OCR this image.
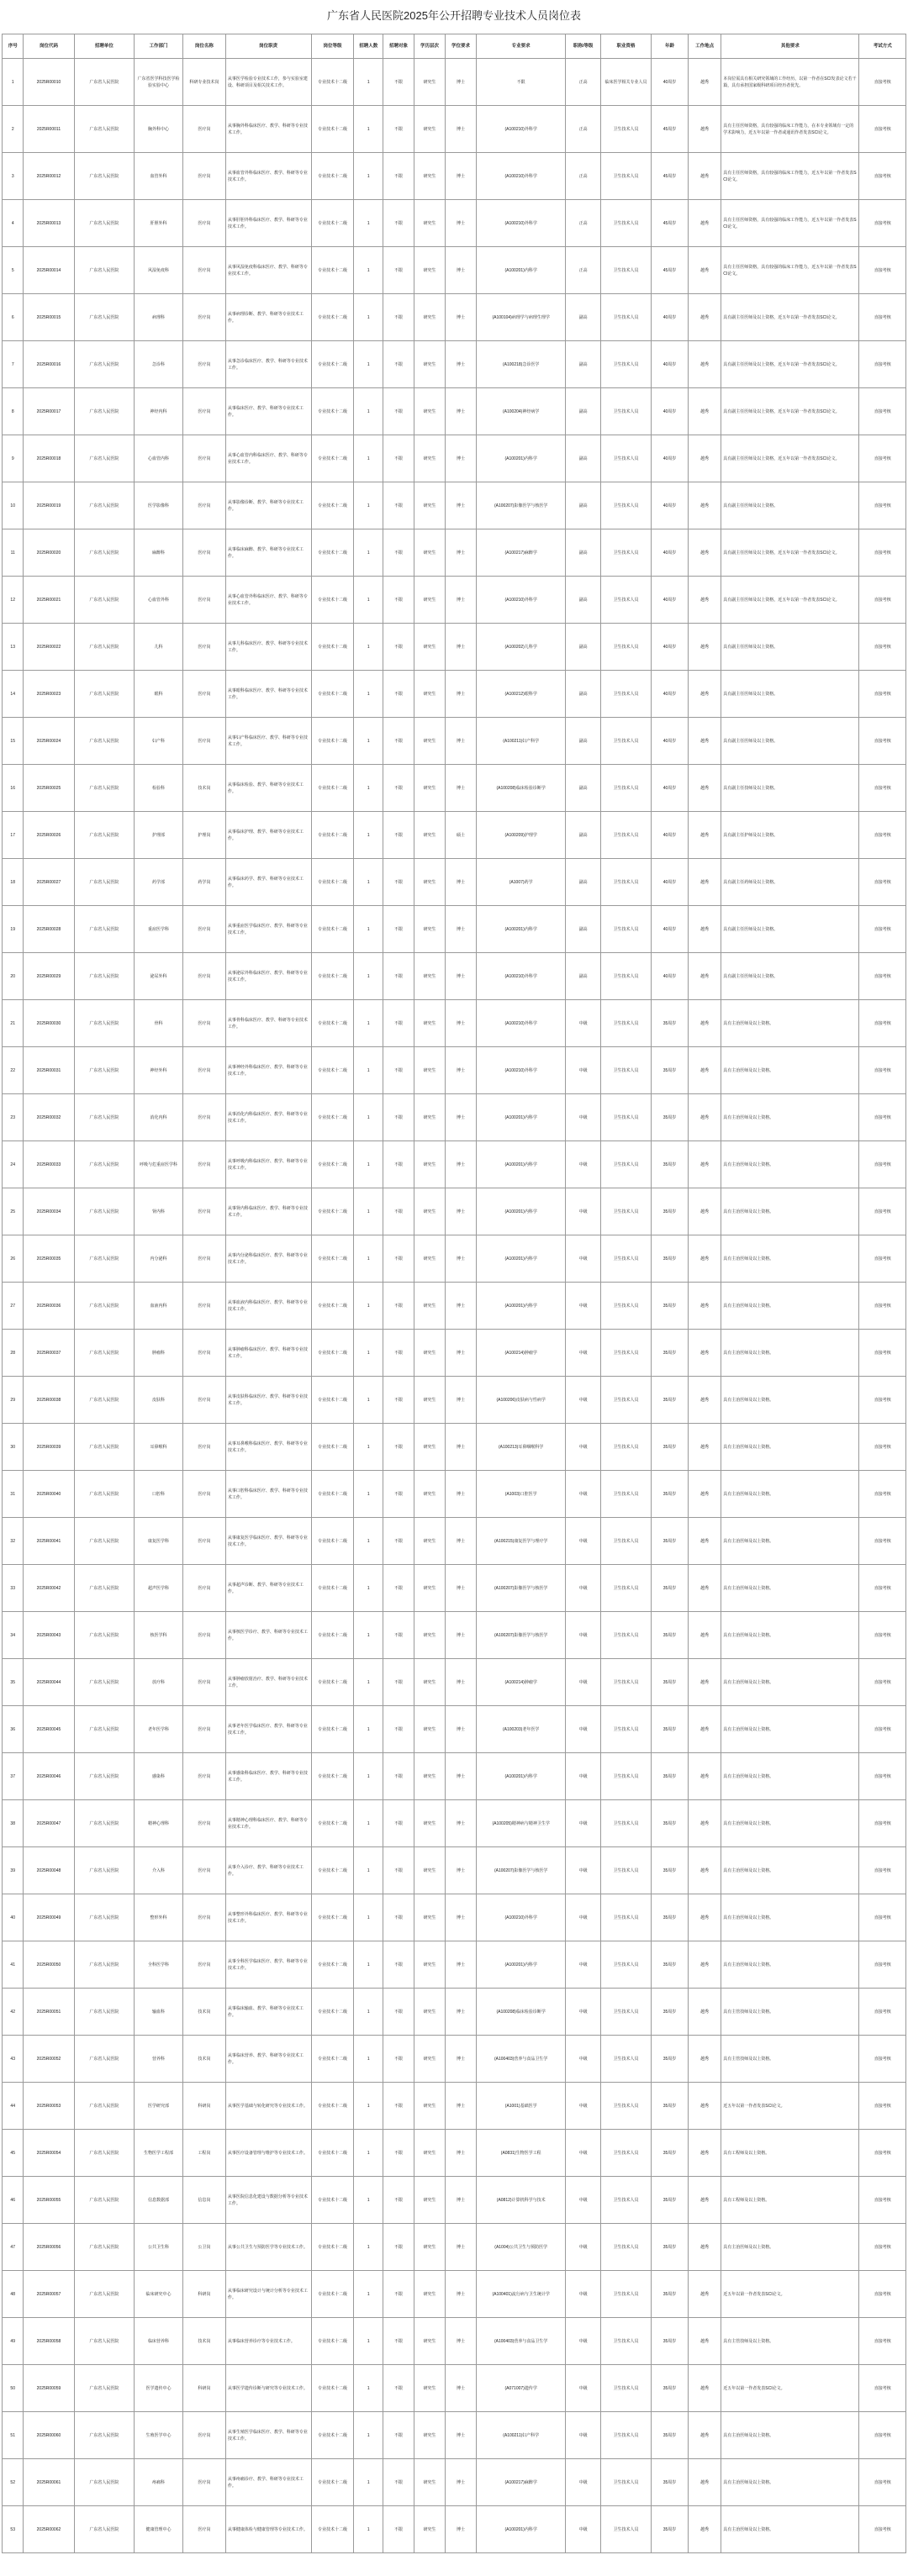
广东省人民医院2025年公开招聘专业技术人员岗位表
序号	岗位代码	招聘单位	工作部门	岗位名称	岗位职责	岗位等级	招聘人数	招聘对象	学历层次	学位要求	专业要求	职称/等级	职业资格	年龄	工作地点	其他要求	考试方式
1	2025R00010	广东省人民医院	广东省医学科技医学检验实验中心	科研专业技术岗	从事医学检验专业技术工作，参与实验室建设、科研项目及相关技术工作。	专业技术十二级	1	不限	研究生	博士	不限	正高	临床医学相关专业人员	40周岁	越秀	本岗位需具有相关研究领域的工作经历，以第一作者在SCI发表论文若干篇，具有承担国家级科研项目经历者优先。	直接考核
2	2025R00011	广东省人民医院	胸外科中心	医疗岗	从事胸外科临床医疗、教学、科研等专业技术工作。	专业技术十二级	1	不限	研究生	博士	(A100210)外科学	正高	卫生技术人员	45周岁	越秀	具有主任医师资格，具有较强的临床工作能力，在本专业领域有一定的学术影响力，近五年以第一作者或通讯作者发表SCI论文。	直接考核
3	2025R00012	广东省人民医院	血管外科	医疗岗	从事血管外科临床医疗、教学、科研等专业技术工作。	专业技术十二级	1	不限	研究生	博士	(A100210)外科学	正高	卫生技术人员	45周岁	越秀	具有主任医师资格，具有较强的临床工作能力，近五年以第一作者发表SCI论文。	直接考核
4	2025R00013	广东省人民医院	肝胆外科	医疗岗	从事肝胆外科临床医疗、教学、科研等专业技术工作。	专业技术十二级	1	不限	研究生	博士	(A100210)外科学	正高	卫生技术人员	45周岁	越秀	具有主任医师资格，具有较强的临床工作能力，近五年以第一作者发表SCI论文。	直接考核
5	2025R00014	广东省人民医院	风湿免疫科	医疗岗	从事风湿免疫科临床医疗、教学、科研等专业技术工作。	专业技术十二级	1	不限	研究生	博士	(A100201)内科学	正高	卫生技术人员	45周岁	越秀	具有主任医师资格，具有较强的临床工作能力，近五年以第一作者发表SCI论文。	直接考核
6	2025R00015	广东省人民医院	病理科	医疗岗	从事病理诊断、教学、科研等专业技术工作。	专业技术十二级	1	不限	研究生	博士	(A100104)病理学与病理生理学	副高	卫生技术人员	40周岁	越秀	具有副主任医师及以上资格，近五年以第一作者发表SCI论文。	直接考核
7	2025R00016	广东省人民医院	急诊科	医疗岗	从事急诊临床医疗、教学、科研等专业技术工作。	专业技术十二级	1	不限	研究生	博士	(A100218)急诊医学	副高	卫生技术人员	40周岁	越秀	具有副主任医师及以上资格，近五年以第一作者发表SCI论文。	直接考核
8	2025R00017	广东省人民医院	神经内科	医疗岗	从事临床医疗、教学、科研等专业技术工作。	专业技术十二级	1	不限	研究生	博士	(A100204)神经病学	副高	卫生技术人员	40周岁	越秀	具有副主任医师及以上资格，近五年以第一作者发表SCI论文。	直接考核
9	2025R00018	广东省人民医院	心血管内科	医疗岗	从事心血管内科临床医疗、教学、科研等专业技术工作。	专业技术十二级	1	不限	研究生	博士	(A100201)内科学	副高	卫生技术人员	40周岁	越秀	具有副主任医师及以上资格，近五年以第一作者发表SCI论文。	直接考核
10	2025R00019	广东省人民医院	医学影像科	医疗岗	从事影像诊断、教学、科研等专业技术工作。	专业技术十二级	1	不限	研究生	博士	(A100207)影像医学与核医学	副高	卫生技术人员	40周岁	越秀	具有副主任医师及以上资格。	直接考核
11	2025R00020	广东省人民医院	麻醉科	医疗岗	从事临床麻醉、教学、科研等专业技术工作。	专业技术十二级	1	不限	研究生	博士	(A100217)麻醉学	副高	卫生技术人员	40周岁	越秀	具有副主任医师及以上资格，近五年以第一作者发表SCI论文。	直接考核
12	2025R00021	广东省人民医院	心血管外科	医疗岗	从事心血管外科临床医疗、教学、科研等专业技术工作。	专业技术十二级	1	不限	研究生	博士	(A100210)外科学	副高	卫生技术人员	40周岁	越秀	具有副主任医师及以上资格，近五年以第一作者发表SCI论文。	直接考核
13	2025R00022	广东省人民医院	儿科	医疗岗	从事儿科临床医疗、教学、科研等专业技术工作。	专业技术十二级	1	不限	研究生	博士	(A100202)儿科学	副高	卫生技术人员	40周岁	越秀	具有副主任医师及以上资格。	直接考核
14	2025R00023	广东省人民医院	眼科	医疗岗	从事眼科临床医疗、教学、科研等专业技术工作。	专业技术十二级	1	不限	研究生	博士	(A100212)眼科学	副高	卫生技术人员	40周岁	越秀	具有副主任医师及以上资格。	直接考核
15	2025R00024	广东省人民医院	妇产科	医疗岗	从事妇产科临床医疗、教学、科研等专业技术工作。	专业技术十二级	1	不限	研究生	博士	(A100211)妇产科学	副高	卫生技术人员	40周岁	越秀	具有副主任医师及以上资格。	直接考核
16	2025R00025	广东省人民医院	检验科	技术岗	从事临床检验、教学、科研等专业技术工作。	专业技术十二级	1	不限	研究生	博士	(A100208)临床检验诊断学	副高	卫生技术人员	40周岁	越秀	具有副主任技师及以上资格。	直接考核
17	2025R00026	广东省人民医院	护理部	护理岗	从事临床护理、教学、科研等专业技术工作。	专业技术十二级	1	不限	研究生	硕士	(A100209)护理学	副高	卫生技术人员	40周岁	越秀	具有副主任护师及以上资格。	直接考核
18	2025R00027	广东省人民医院	药学部	药学岗	从事临床药学、教学、科研等专业技术工作。	专业技术十二级	1	不限	研究生	博士	(A1007)药学	副高	卫生技术人员	40周岁	越秀	具有副主任药师及以上资格。	直接考核
19	2025R00028	广东省人民医院	重症医学科	医疗岗	从事重症医学临床医疗、教学、科研等专业技术工作。	专业技术十二级	1	不限	研究生	博士	(A100201)内科学	副高	卫生技术人员	40周岁	越秀	具有副主任医师及以上资格。	直接考核
20	2025R00029	广东省人民医院	泌尿外科	医疗岗	从事泌尿外科临床医疗、教学、科研等专业技术工作。	专业技术十二级	1	不限	研究生	博士	(A100210)外科学	副高	卫生技术人员	40周岁	越秀	具有副主任医师及以上资格。	直接考核
21	2025R00030	广东省人民医院	骨科	医疗岗	从事骨科临床医疗、教学、科研等专业技术工作。	专业技术十二级	1	不限	研究生	博士	(A100210)外科学	中级	卫生技术人员	35周岁	越秀	具有主治医师及以上资格。	直接考核
22	2025R00031	广东省人民医院	神经外科	医疗岗	从事神经外科临床医疗、教学、科研等专业技术工作。	专业技术十二级	1	不限	研究生	博士	(A100210)外科学	中级	卫生技术人员	35周岁	越秀	具有主治医师及以上资格。	直接考核
23	2025R00032	广东省人民医院	消化内科	医疗岗	从事消化内科临床医疗、教学、科研等专业技术工作。	专业技术十二级	1	不限	研究生	博士	(A100201)内科学	中级	卫生技术人员	35周岁	越秀	具有主治医师及以上资格。	直接考核
24	2025R00033	广东省人民医院	呼吸与危重症医学科	医疗岗	从事呼吸内科临床医疗、教学、科研等专业技术工作。	专业技术十二级	1	不限	研究生	博士	(A100201)内科学	中级	卫生技术人员	35周岁	越秀	具有主治医师及以上资格。	直接考核
25	2025R00034	广东省人民医院	肾内科	医疗岗	从事肾内科临床医疗、教学、科研等专业技术工作。	专业技术十二级	1	不限	研究生	博士	(A100201)内科学	中级	卫生技术人员	35周岁	越秀	具有主治医师及以上资格。	直接考核
26	2025R00035	广东省人民医院	内分泌科	医疗岗	从事内分泌科临床医疗、教学、科研等专业技术工作。	专业技术十二级	1	不限	研究生	博士	(A100201)内科学	中级	卫生技术人员	35周岁	越秀	具有主治医师及以上资格。	直接考核
27	2025R00036	广东省人民医院	血液内科	医疗岗	从事血液内科临床医疗、教学、科研等专业技术工作。	专业技术十二级	1	不限	研究生	博士	(A100201)内科学	中级	卫生技术人员	35周岁	越秀	具有主治医师及以上资格。	直接考核
28	2025R00037	广东省人民医院	肿瘤科	医疗岗	从事肿瘤科临床医疗、教学、科研等专业技术工作。	专业技术十二级	1	不限	研究生	博士	(A100214)肿瘤学	中级	卫生技术人员	35周岁	越秀	具有主治医师及以上资格。	直接考核
29	2025R00038	广东省人民医院	皮肤科	医疗岗	从事皮肤科临床医疗、教学、科研等专业技术工作。	专业技术十二级	1	不限	研究生	博士	(A100206)皮肤病与性病学	中级	卫生技术人员	35周岁	越秀	具有主治医师及以上资格。	直接考核
30	2025R00039	广东省人民医院	耳鼻喉科	医疗岗	从事耳鼻喉科临床医疗、教学、科研等专业技术工作。	专业技术十二级	1	不限	研究生	博士	(A100213)耳鼻咽喉科学	中级	卫生技术人员	35周岁	越秀	具有主治医师及以上资格。	直接考核
31	2025R00040	广东省人民医院	口腔科	医疗岗	从事口腔科临床医疗、教学、科研等专业技术工作。	专业技术十二级	1	不限	研究生	博士	(A1003)口腔医学	中级	卫生技术人员	35周岁	越秀	具有主治医师及以上资格。	直接考核
32	2025R00041	广东省人民医院	康复医学科	医疗岗	从事康复医学临床医疗、教学、科研等专业技术工作。	专业技术十二级	1	不限	研究生	博士	(A100215)康复医学与理疗学	中级	卫生技术人员	35周岁	越秀	具有主治医师及以上资格。	直接考核
33	2025R00042	广东省人民医院	超声医学科	医疗岗	从事超声诊断、教学、科研等专业技术工作。	专业技术十二级	1	不限	研究生	博士	(A100207)影像医学与核医学	中级	卫生技术人员	35周岁	越秀	具有主治医师及以上资格。	直接考核
34	2025R00043	广东省人民医院	核医学科	医疗岗	从事核医学诊疗、教学、科研等专业技术工作。	专业技术十二级	1	不限	研究生	博士	(A100207)影像医学与核医学	中级	卫生技术人员	35周岁	越秀	具有主治医师及以上资格。	直接考核
35	2025R00044	广东省人民医院	放疗科	医疗岗	从事肿瘤放射治疗、教学、科研等专业技术工作。	专业技术十二级	1	不限	研究生	博士	(A100214)肿瘤学	中级	卫生技术人员	35周岁	越秀	具有主治医师及以上资格。	直接考核
36	2025R00045	广东省人民医院	老年医学科	医疗岗	从事老年医学临床医疗、教学、科研等专业技术工作。	专业技术十二级	1	不限	研究生	博士	(A100203)老年医学	中级	卫生技术人员	35周岁	越秀	具有主治医师及以上资格。	直接考核
37	2025R00046	广东省人民医院	感染科	医疗岗	从事感染科临床医疗、教学、科研等专业技术工作。	专业技术十二级	1	不限	研究生	博士	(A100201)内科学	中级	卫生技术人员	35周岁	越秀	具有主治医师及以上资格。	直接考核
38	2025R00047	广东省人民医院	精神心理科	医疗岗	从事精神心理科临床医疗、教学、科研等专业技术工作。	专业技术十二级	1	不限	研究生	博士	(A100205)精神病与精神卫生学	中级	卫生技术人员	35周岁	越秀	具有主治医师及以上资格。	直接考核
39	2025R00048	广东省人民医院	介入科	医疗岗	从事介入诊疗、教学、科研等专业技术工作。	专业技术十二级	1	不限	研究生	博士	(A100207)影像医学与核医学	中级	卫生技术人员	35周岁	越秀	具有主治医师及以上资格。	直接考核
40	2025R00049	广东省人民医院	整形外科	医疗岗	从事整形外科临床医疗、教学、科研等专业技术工作。	专业技术十二级	1	不限	研究生	博士	(A100210)外科学	中级	卫生技术人员	35周岁	越秀	具有主治医师及以上资格。	直接考核
41	2025R00050	广东省人民医院	全科医学科	医疗岗	从事全科医学临床医疗、教学、科研等专业技术工作。	专业技术十二级	1	不限	研究生	博士	(A100201)内科学	中级	卫生技术人员	35周岁	越秀	具有主治医师及以上资格。	直接考核
42	2025R00051	广东省人民医院	输血科	技术岗	从事临床输血、教学、科研等专业技术工作。	专业技术十二级	1	不限	研究生	博士	(A100208)临床检验诊断学	中级	卫生技术人员	35周岁	越秀	具有主管技师及以上资格。	直接考核
43	2025R00052	广东省人民医院	营养科	技术岗	从事临床营养、教学、科研等专业技术工作。	专业技术十二级	1	不限	研究生	博士	(A100403)营养与食品卫生学	中级	卫生技术人员	35周岁	越秀	具有主管技师及以上资格。	直接考核
44	2025R00053	广东省人民医院	医学研究部	科研岗	从事医学基础与转化研究等专业技术工作。	专业技术十二级	1	不限	研究生	博士	(A1001)基础医学	中级	卫生技术人员	35周岁	越秀	近五年以第一作者发表SCI论文。	直接考核
45	2025R00054	广东省人民医院	生物医学工程部	工程岗	从事医疗设备管理与维护等专业技术工作。	专业技术十二级	1	不限	研究生	博士	(A0831)生物医学工程	中级	卫生技术人员	35周岁	越秀	具有工程师及以上资格。	直接考核
46	2025R00055	广东省人民医院	信息数据部	信息岗	从事医院信息化建设与数据分析等专业技术工作。	专业技术十二级	1	不限	研究生	博士	(A0812)计算机科学与技术	中级	卫生技术人员	35周岁	越秀	具有工程师及以上资格。	直接考核
47	2025R00056	广东省人民医院	公共卫生科	公卫岗	从事公共卫生与预防医学等专业技术工作。	专业技术十二级	1	不限	研究生	博士	(A1004)公共卫生与预防医学	中级	卫生技术人员	35周岁	越秀	具有主治医师及以上资格。	直接考核
48	2025R00057	广东省人民医院	临床研究中心	科研岗	从事临床研究设计与统计分析等专业技术工作。	专业技术十二级	1	不限	研究生	博士	(A100401)流行病与卫生统计学	中级	卫生技术人员	35周岁	越秀	近五年以第一作者发表SCI论文。	直接考核
49	2025R00058	广东省人民医院	临床营养科	技术岗	从事临床营养诊疗等专业技术工作。	专业技术十二级	1	不限	研究生	博士	(A100403)营养与食品卫生学	中级	卫生技术人员	35周岁	越秀	具有主管技师及以上资格。	直接考核
50	2025R00059	广东省人民医院	医学遗传中心	科研岗	从事医学遗传诊断与研究等专业技术工作。	专业技术十二级	1	不限	研究生	博士	(A071007)遗传学	中级	卫生技术人员	35周岁	越秀	近五年以第一作者发表SCI论文。	直接考核
51	2025R00060	广东省人民医院	生殖医学中心	医疗岗	从事生殖医学临床医疗、教学、科研等专业技术工作。	专业技术十二级	1	不限	研究生	博士	(A100211)妇产科学	中级	卫生技术人员	35周岁	越秀	具有主治医师及以上资格。	直接考核
52	2025R00061	广东省人民医院	疼痛科	医疗岗	从事疼痛诊疗、教学、科研等专业技术工作。	专业技术十二级	1	不限	研究生	博士	(A100217)麻醉学	中级	卫生技术人员	35周岁	越秀	具有主治医师及以上资格。	直接考核
53	2025R00062	广东省人民医院	健康管理中心	医疗岗	从事健康体检与健康管理等专业技术工作。	专业技术十二级	1	不限	研究生	博士	(A100201)内科学	中级	卫生技术人员	35周岁	越秀	具有主治医师及以上资格。	直接考核
